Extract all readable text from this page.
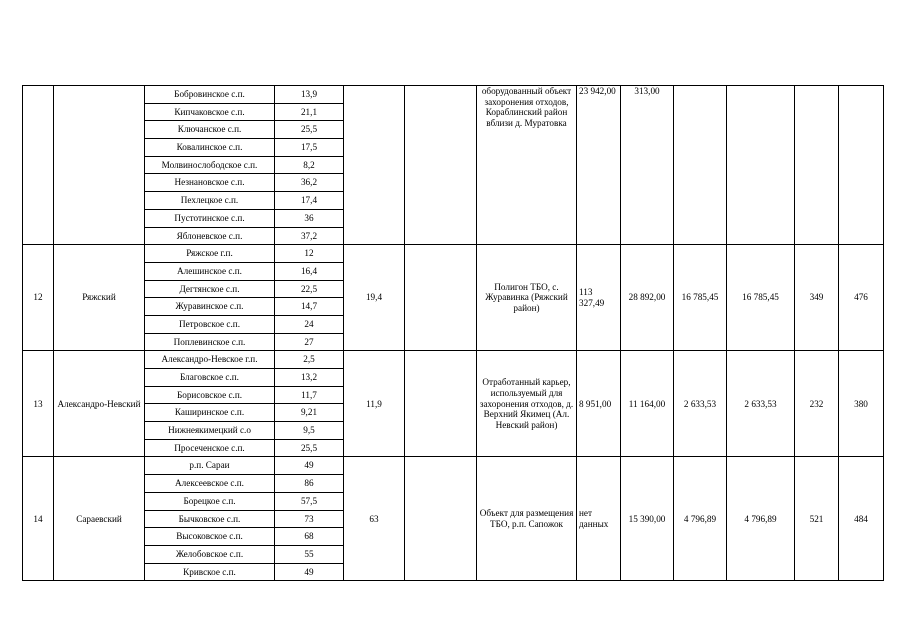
		Бобровинское с.п.	13,9			оборудованный объект захоронения отходов, Кораблинский район вблизи д. Муратовка	23 942,00	313,00				
		Кипчаковское с.п.	21,1									
		Ключанское с.п.	25,5									
		Ковалинское с.п.	17,5									
		Молвинослободское с.п.	8,2									
		Незнановское с.п.	36,2									
		Пехлецкое с.п.	17,4									
		Пустотинское с.п.	36									
		Яблоневское с.п.	37,2									
12	Ряжский	Ряжское г.п.	12	19,4		Полигон ТБО, с. Журавинка (Ряжский район)	113 327,49	28 892,00	16 785,45	16 785,45	349	476
		Алешинское с.п.	16,4									
		Дегтянское с.п.	22,5									
		Журавинское с.п.	14,7									
		Петровское с.п.	24									
		Поплевинское с.п.	27									
13	Александро-Невский	Александро-Невское г.п.	2,5	11,9		Отработанный карьер, используемый для захоронения отходов, д. Верхний Якимец (Ал. Невский район)	8 951,00	11 164,00	2 633,53	2 633,53	232	380
		Благовское с.п.	13,2									
		Борисовское с.п.	11,7									
		Каширинское с.п.	9,21									
		Нижнеякимецкий с.о	9,5									
		Просеченское с.п.	25,5									
14	Сараевский	р.п. Сараи	49	63		Объект для размещения ТБО, р.п. Сапожок	нет данных	15 390,00	4 796,89	4 796,89	521	484
		Алексеевское с.п.	86									
		Борецкое с.п.	57,5									
		Бычковское с.п.	73									
		Высоковское с.п.	68									
		Желобовское с.п.	55									
		Кривское с.п.	49									
